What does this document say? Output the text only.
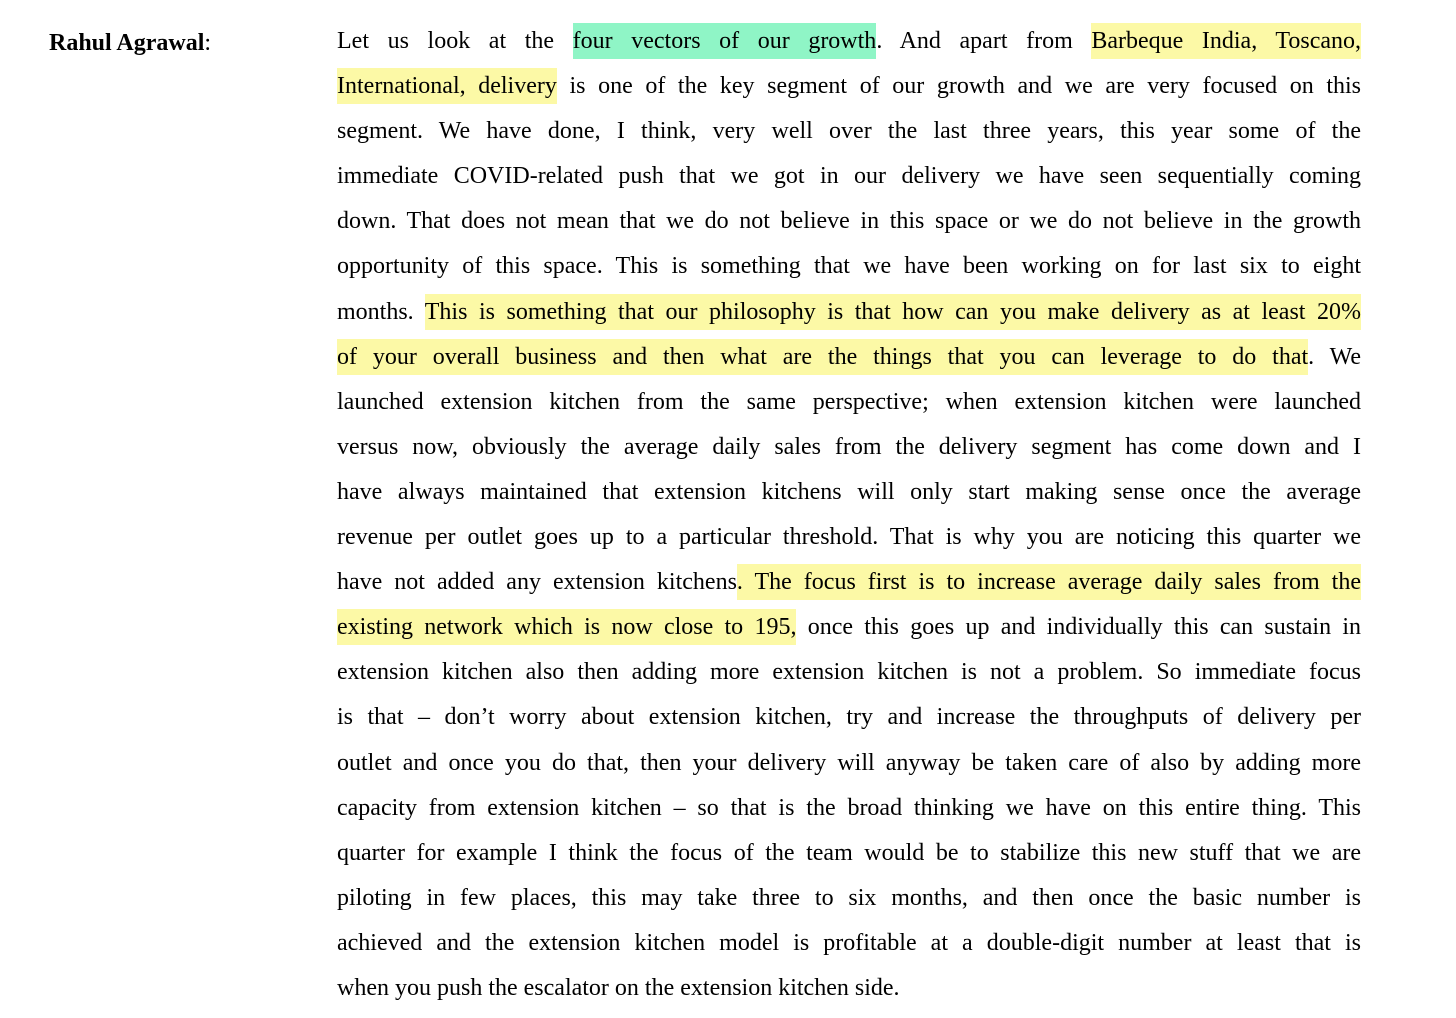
Rahul Agrawal:	Let us look at the four vectors of our growth. And apart from Barbeque India, Toscano,
International, delivery is one of the key segment of our growth and we are very focused on this
segment. We have done, I think, very well over the last three years, this year some of the
immediate COVID-related push that we got in our delivery we have seen sequentially coming
down. That does not mean that we do not believe in this space or we do not believe in the growth
opportunity of this space. This is something that we have been working on for last six to eight
months. This is something that our philosophy is that how can you make delivery as at least 20%
of your overall business and then what are the things that you can leverage to do that. We
launched extension kitchen from the same perspective; when extension kitchen were launched
versus now, obviously the average daily sales from the delivery segment has come down and I
have always maintained that extension kitchens will only start making sense once the average
revenue per outlet goes up to a particular threshold. That is why you are noticing this quarter we
have not added any extension kitchens. The focus first is to increase average daily sales from the
existing network which is now close to 195, once this goes up and individually this can sustain in
extension kitchen also then adding more extension kitchen is not a problem. So immediate focus
is that – don’t worry about extension kitchen, try and increase the throughputs of delivery per
outlet and once you do that, then your delivery will anyway be taken care of also by adding more
capacity from extension kitchen – so that is the broad thinking we have on this entire thing. This
quarter for example I think the focus of the team would be to stabilize this new stuff that we are
piloting in few places, this may take three to six months, and then once the basic number is
achieved and the extension kitchen model is profitable at a double-digit number at least that is
when you push the escalator on the extension kitchen side.
